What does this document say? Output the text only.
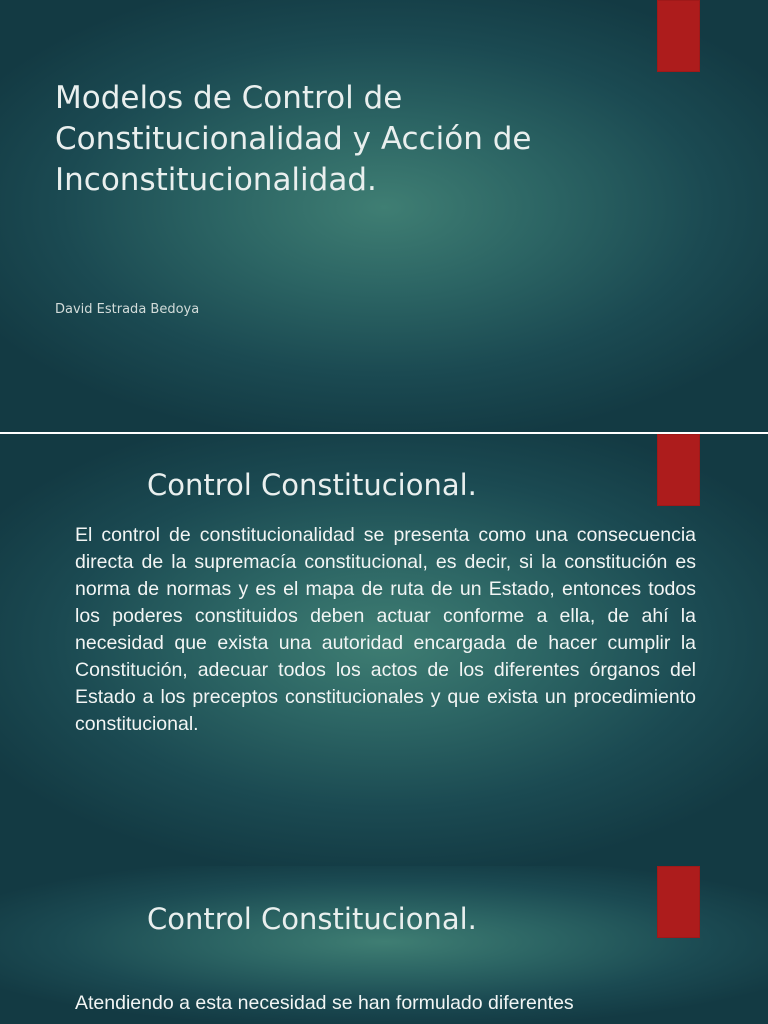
Modelos de Control de Constitucionalidad y Acción de Inconstitucionalidad.
David Estrada Bedoya
Control Constitucional.

El control de constitucionalidad se presenta como una consecuencia directa de la supremacía constitucional, es decir, si la constitución es norma de normas y es el mapa de ruta de un Estado, entonces todos los poderes constituidos deben actuar conforme a ella, de ahí la necesidad que exista una autoridad encargada de hacer cumplir la Constitución, adecuar todos los actos de los diferentes órganos del Estado a los preceptos constitucionales y que exista un procedimiento constitucional.

Control Constitucional.

Atendiendo a esta necesidad se han formulado diferentes
